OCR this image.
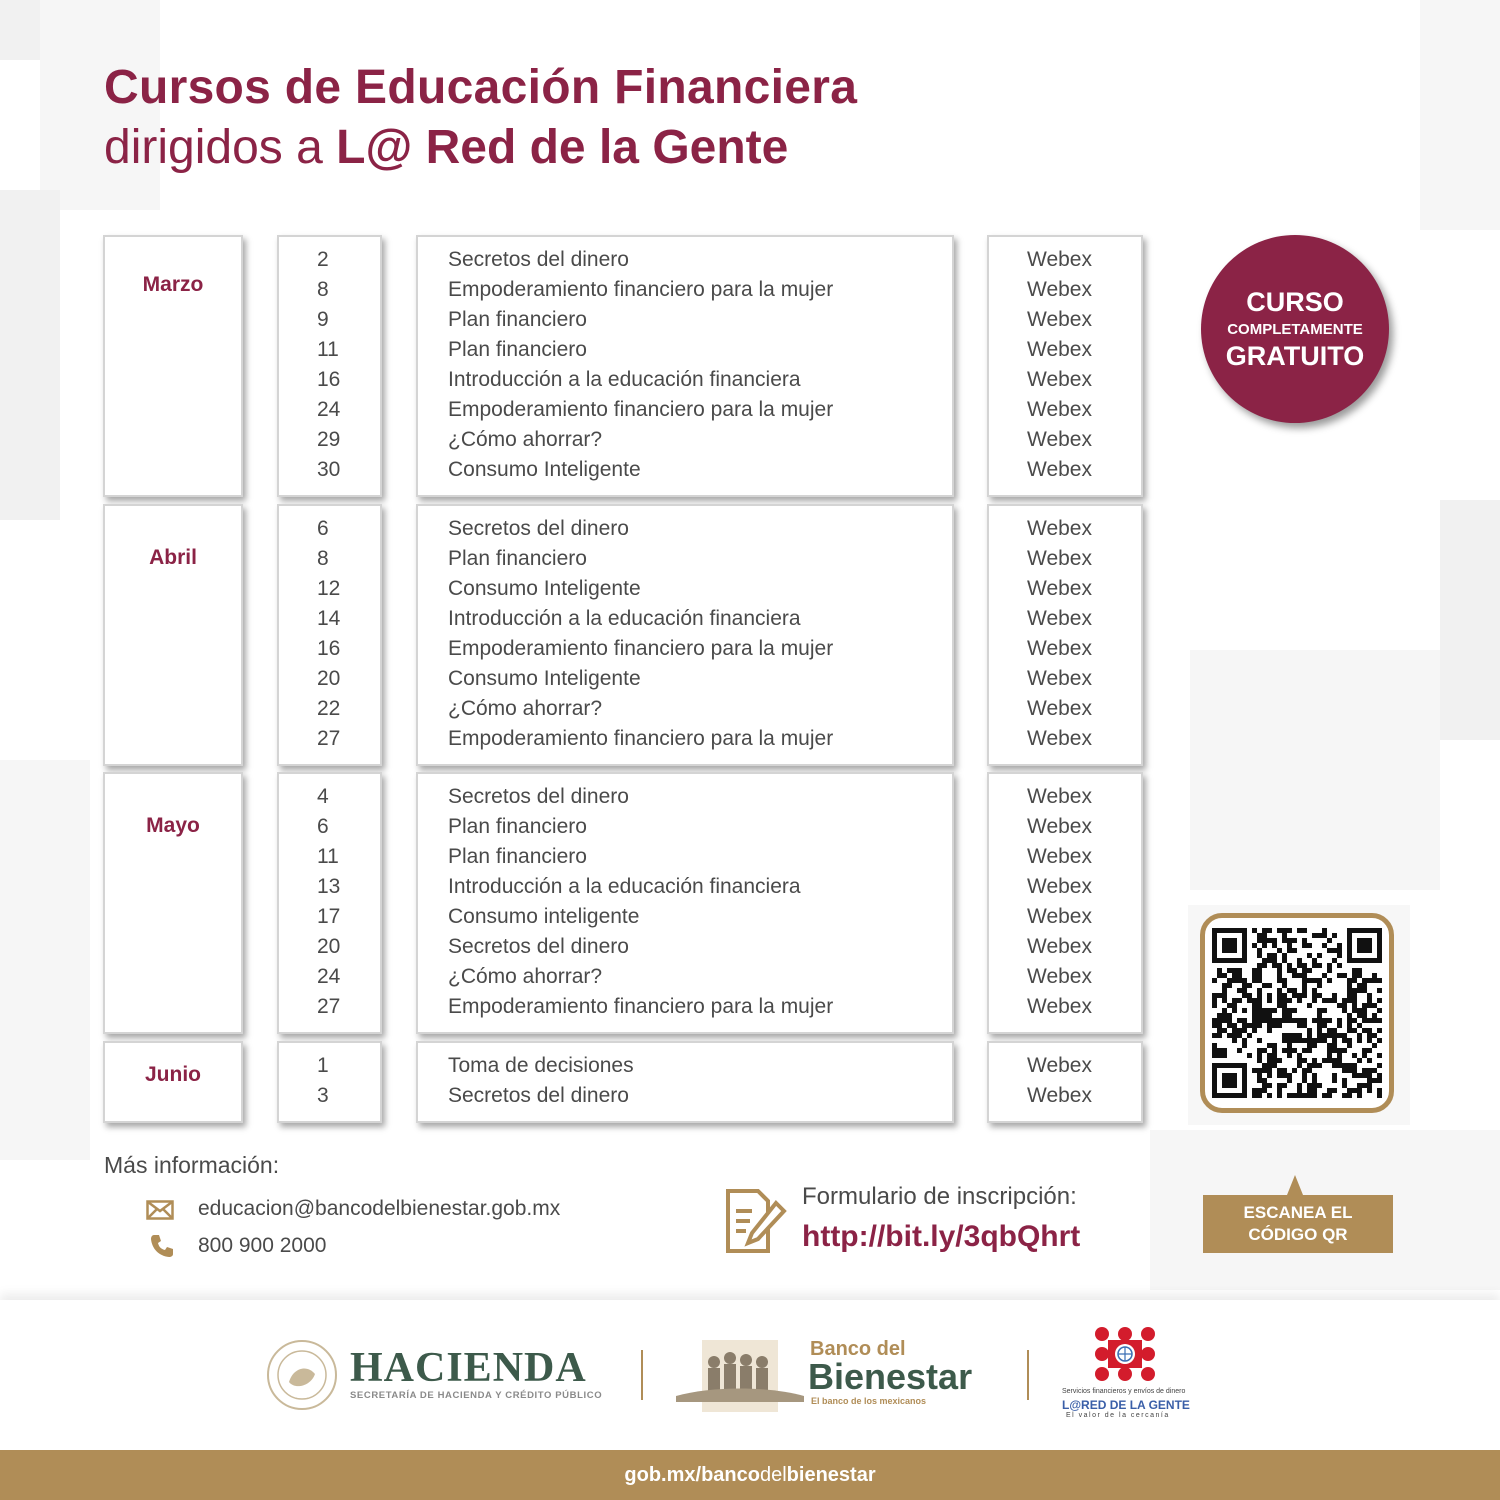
Cursos de Educación Financiera
dirigidos a L@ Red de la Gente
Marzo
2
8
9
11
16
24
29
30
Secretos del dinero
Empoderamiento financiero para la mujer
Plan financiero
Plan financiero
Introducción a la educación financiera
Empoderamiento financiero para la mujer
¿Cómo ahorrar?
Consumo Inteligente
Webex
Webex
Webex
Webex
Webex
Webex
Webex
Webex
Abril
6
8
12
14
16
20
22
27
Secretos del dinero
Plan financiero
Consumo Inteligente
Introducción a la educación financiera
Empoderamiento financiero para la mujer
Consumo Inteligente
¿Cómo ahorrar?
Empoderamiento financiero para la mujer
Webex
Webex
Webex
Webex
Webex
Webex
Webex
Webex
Mayo
4
6
11
13
17
20
24
27
Secretos del dinero
Plan financiero
Plan financiero
Introducción a la educación financiera
Consumo inteligente
Secretos del dinero
¿Cómo ahorrar?
Empoderamiento financiero para la mujer
Webex
Webex
Webex
Webex
Webex
Webex
Webex
Webex
Junio	1
3
Toma de decisiones
Secretos del dinero
Webex
Webex
CURSO
COMPLETAMENTE
GRATUITO
ESCANEA EL
CÓDIGO QR
Más información:
educacion@bancodelbienestar.gob.mx
800 900 2000
Formulario de inscripción:
http://bit.ly/3qbQhrt
HACIENDA
SECRETARÍA DE HACIENDA Y CRÉDITO PÚBLICO
Banco del
Bienestar
El banco de los mexicanos
Servicios financieros y envíos de dinero
L@RED DE LA GENTE
El valor de la cercanía
gob.mx/bancodelbienestar
